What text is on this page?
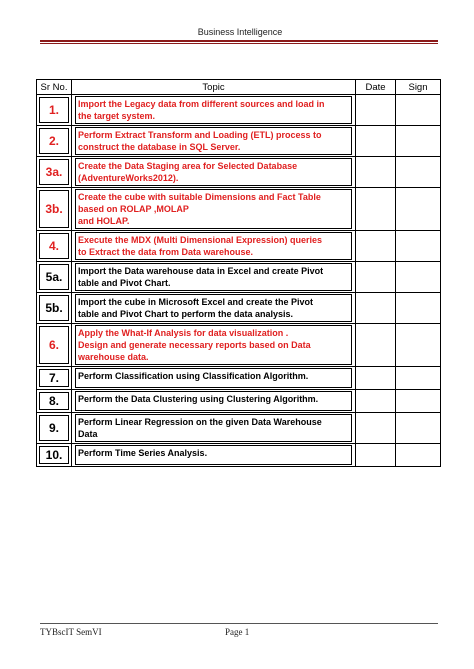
Business Intelligence
Sr No.	Topic	Date	Sign

1.	Import the Legacy data from different sources and load in
the target system.		

2.	Perform Extract Transform and Loading (ETL) process to
construct the database in SQL Server.		

3a.	Create the Data Staging area for Selected Database
(AdventureWorks2012).		

3b.	Create the cube with suitable Dimensions and Fact Table
based on ROLAP ,MOLAP
and HOLAP.		

4.	Execute the MDX (Multi Dimensional Expression) queries
to Extract the data from Data warehouse.		

5a.	Import the Data warehouse data in Excel and create Pivot
table and Pivot Chart.		

5b.	Import the cube in Microsoft Excel and create the Pivot
table and Pivot Chart to perform the data analysis.		

6.	Apply the What-If Analysis for data visualization .
Design and generate necessary reports based on Data
warehouse data.		

7.	Perform Classification using Classification Algorithm.		

8.	Perform the Data Clustering using Clustering Algorithm.		

9.	Perform Linear Regression on the given Data Warehouse
Data		

10.	Perform Time Series Analysis.		

TYBscIT SemVI	Page 1
